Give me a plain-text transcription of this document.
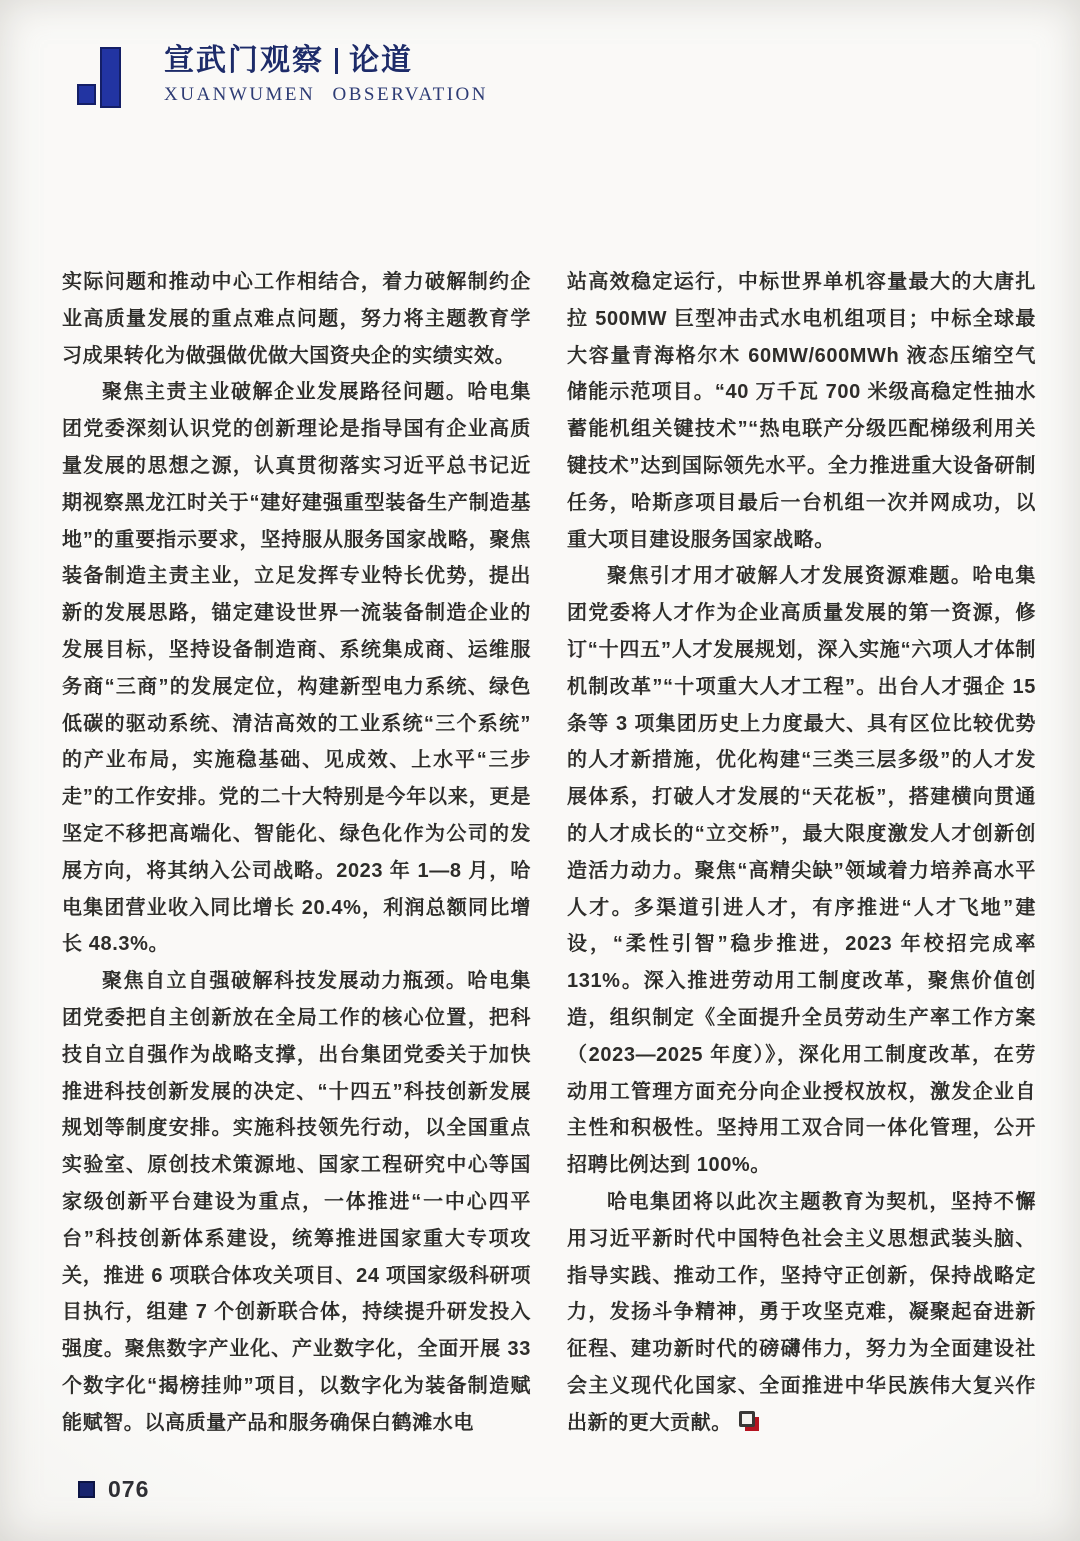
宣武门观察 论道
XUANWUMEN OBSERVATION

实际问题和推动中心工作相结合，着力破解制约企业高质量发展的重点难点问题，努力将主题教育学习成果转化为做强做优做大国资央企的实绩实效。

聚焦主责主业破解企业发展路径问题。哈电集团党委深刻认识党的创新理论是指导国有企业高质量发展的思想之源，认真贯彻落实习近平总书记近期视察黑龙江时关于“建好建强重型装备生产制造基地”的重要指示要求，坚持服从服务国家战略，聚焦装备制造主责主业，立足发挥专业特长优势，提出新的发展思路，锚定建设世界一流装备制造企业的发展目标，坚持设备制造商、系统集成商、运维服务商“三商”的发展定位，构建新型电力系统、绿色低碳的驱动系统、清洁高效的工业系统“三个系统”的产业布局，实施稳基础、见成效、上水平“三步走”的工作安排。党的二十大特别是今年以来，更是坚定不移把高端化、智能化、绿色化作为公司的发展方向，将其纳入公司战略。2023 年 1—8 月，哈电集团营业收入同比增长 20.4%，利润总额同比增长 48.3%。

聚焦自立自强破解科技发展动力瓶颈。哈电集团党委把自主创新放在全局工作的核心位置，把科技自立自强作为战略支撑，出台集团党委关于加快推进科技创新发展的决定、“十四五”科技创新发展规划等制度安排。实施科技领先行动，以全国重点实验室、原创技术策源地、国家工程研究中心等国家级创新平台建设为重点，一体推进“一中心四平台”科技创新体系建设，统筹推进国家重大专项攻关，推进 6 项联合体攻关项目、24 项国家级科研项目执行，组建 7 个创新联合体，持续提升研发投入强度。聚焦数字产业化、产业数字化，全面开展 33 个数字化“揭榜挂帅”项目，以数字化为装备制造赋能赋智。以高质量产品和服务确保白鹤滩水电

站高效稳定运行，中标世界单机容量最大的大唐扎拉 500MW 巨型冲击式水电机组项目；中标全球最大容量青海格尔木 60MW/600MWh 液态压缩空气储能示范项目。“40 万千瓦 700 米级高稳定性抽水蓄能机组关键技术”“热电联产分级匹配梯级利用关键技术”达到国际领先水平。全力推进重大设备研制任务，哈斯彦项目最后一台机组一次并网成功，以重大项目建设服务国家战略。

聚焦引才用才破解人才发展资源难题。哈电集团党委将人才作为企业高质量发展的第一资源，修订“十四五”人才发展规划，深入实施“六项人才体制机制改革”“十项重大人才工程”。出台人才强企 15 条等 3 项集团历史上力度最大、具有区位比较优势的人才新措施，优化构建“三类三层多级”的人才发展体系，打破人才发展的“天花板”，搭建横向贯通的人才成长的“立交桥”，最大限度激发人才创新创造活力动力。聚焦“高精尖缺”领域着力培养高水平人才。多渠道引进人才，有序推进“人才飞地”建设，“柔性引智”稳步推进，2023 年校招完成率 131%。深入推进劳动用工制度改革，聚焦价值创造，组织制定《全面提升全员劳动生产率工作方案（2023—2025 年度）》，深化用工制度改革，在劳动用工管理方面充分向企业授权放权，激发企业自主性和积极性。坚持用工双合同一体化管理，公开招聘比例达到 100%。

哈电集团将以此次主题教育为契机，坚持不懈用习近平新时代中国特色社会主义思想武装头脑、指导实践、推动工作，坚持守正创新，保持战略定力，发扬斗争精神，勇于攻坚克难，凝聚起奋进新征程、建功新时代的磅礴伟力，努力为全面建设社会主义现代化国家、全面推进中华民族伟大复兴作出新的更大贡献。

076
